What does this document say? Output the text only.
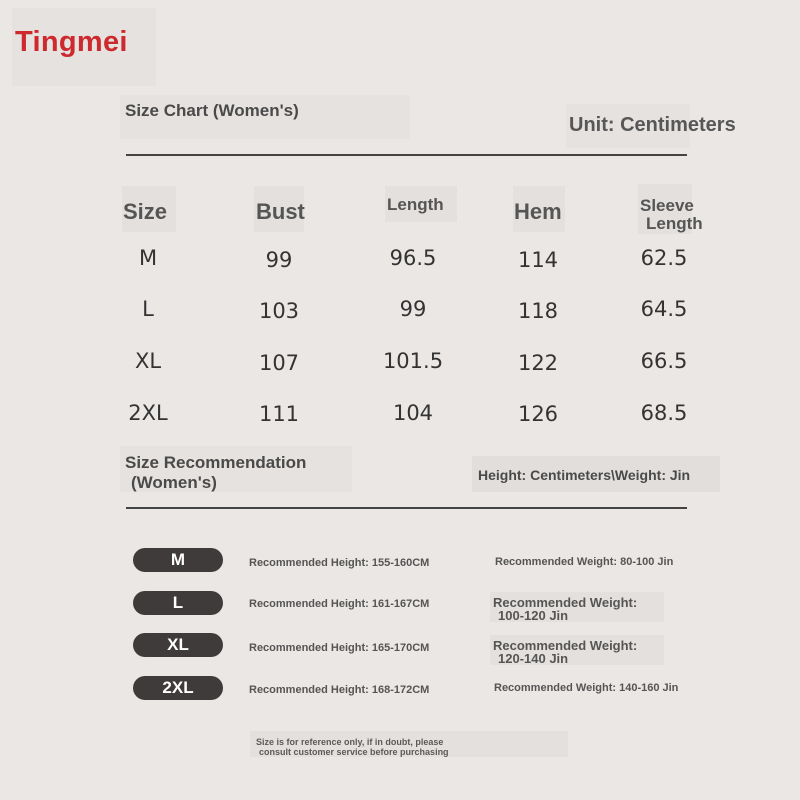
Tingmei
Size Chart (Women's)
Unit: Centimeters
Size	Bust	Length	Hem	Sleeve
Length
M	99	96.5	114	62.5
L	103	99	118	64.5
XL	107	101.5	122	66.5
2XL	111	104	126	68.5
Size Recommendation
(Women's)	Height: Centimeters\Weight: Jin
M	Recommended Height: 155-160CM	Recommended Weight: 80-100 Jin
L	Recommended Height: 161-167CM	Recommended Weight:
100-120 Jin
XL	Recommended Height: 165-170CM	Recommended Weight:
120-140 Jin
2XL	Recommended Height: 168-172CM	Recommended Weight: 140-160 Jin
Size is for reference only, if in doubt, please
consult customer service before purchasing
